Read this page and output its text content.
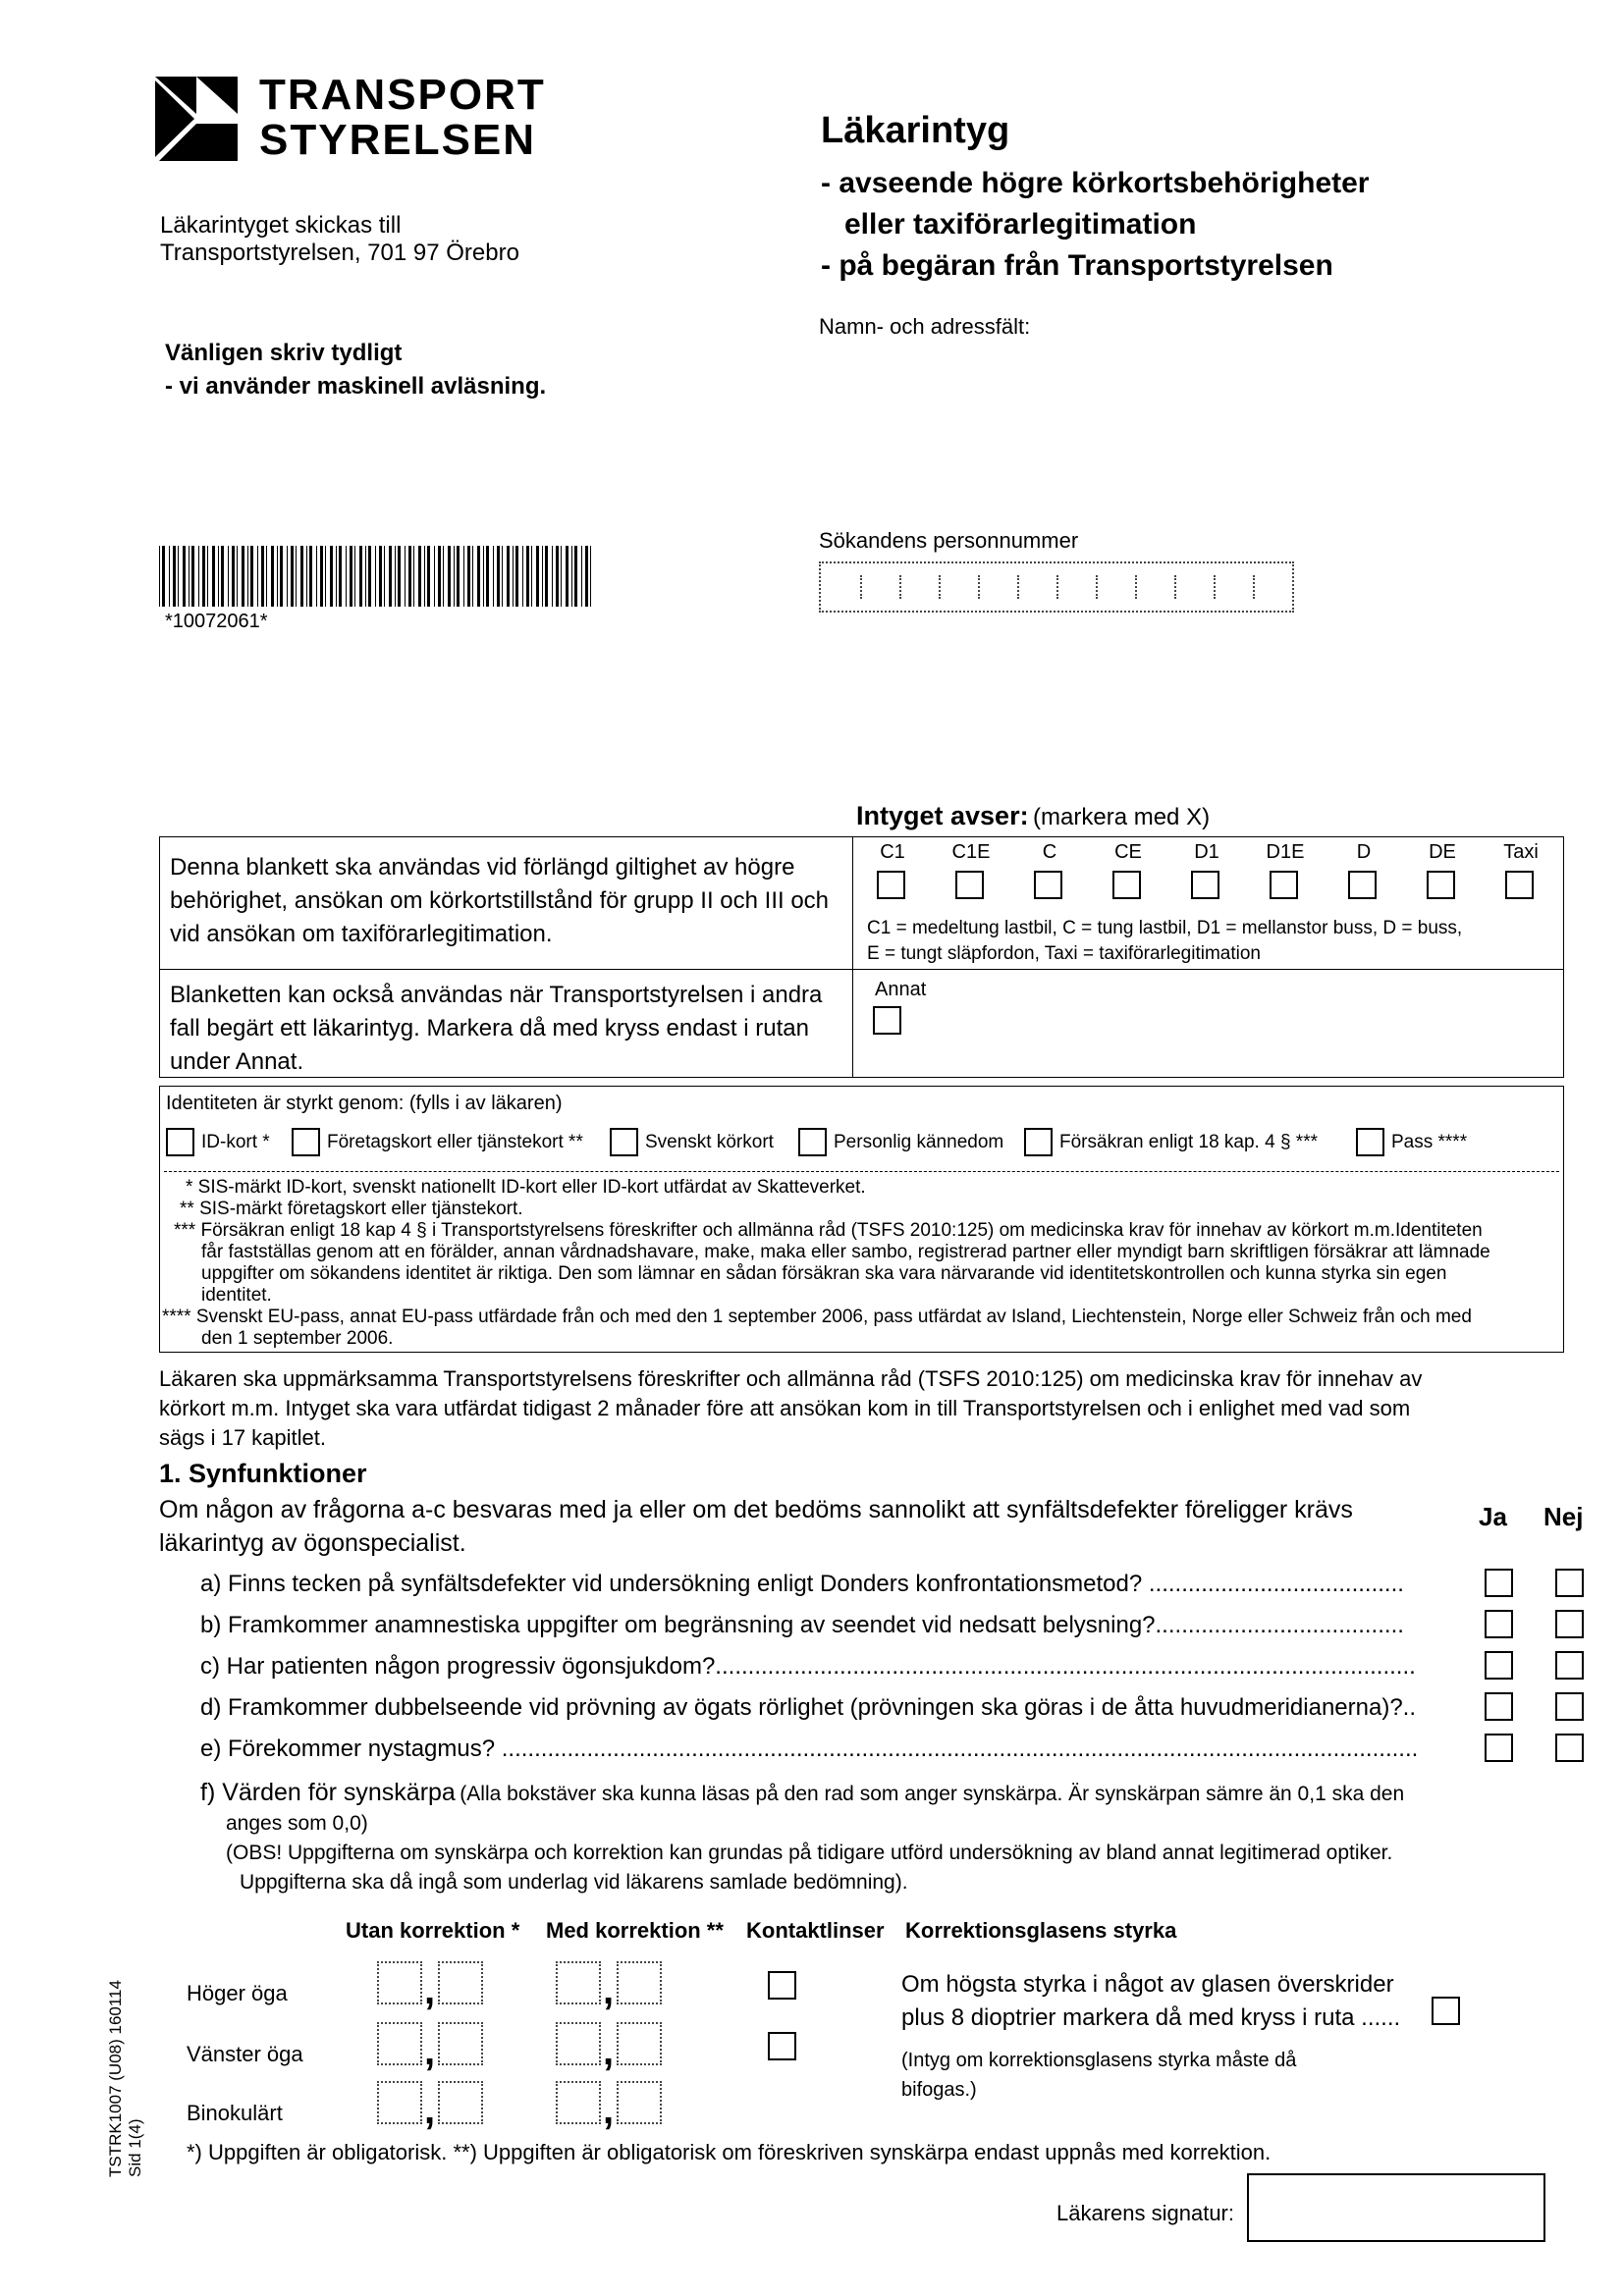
TRANSPORT
STYRELSEN
Läkarintyget skickas till
Transportstyrelsen, 701 97 Örebro
Vänligen skriv tydligt
- vi använder maskinell avläsning.
Läkarintyg
- avseende högre körkortsbehörigheter
eller taxiförarlegitimation
- på begäran från Transportstyrelsen
Namn- och adressfält:
*10072061*
Sökandens personnummer
Intyget avser: (markera med X)
Denna blankett ska användas vid förlängd giltighet av högre behörighet, ansökan om körkortstillstånd för grupp II och III och vid ansökan om taxiförarlegitimation.
Blanketten kan också användas när Transportstyrelsen i andra fall begärt ett läkarintyg. Markera då med kryss endast i rutan under Annat.
C1	C1E	C	CE	D1	D1E	D	DE	Taxi
C1 = medeltung lastbil, C = tung lastbil, D1 = mellanstor buss, D = buss,
E = tungt släpfordon, Taxi = taxiförarlegitimation
Annat
Identiteten är styrkt genom: (fylls i av läkaren)
ID-kort *	Företagskort eller tjänstekort **	Svenskt körkort	Personlig kännedom	Försäkran enligt 18 kap. 4 § ***	Pass ****
* SIS-märkt ID-kort, svenskt nationellt ID-kort eller ID-kort utfärdat av Skatteverket.
** SIS-märkt företagskort eller tjänstekort.
*** Försäkran enligt 18 kap 4 § i Transportstyrelsens föreskrifter och allmänna råd (TSFS 2010:125) om medicinska krav för innehav av körkort m.m.Identiteten
får fastställas genom att en förälder, annan vårdnadshavare, make, maka eller sambo, registrerad partner eller myndigt barn skriftligen försäkrar att lämnade
uppgifter om sökandens identitet är riktiga. Den som lämnar en sådan försäkran ska vara närvarande vid identitetskontrollen och kunna styrka sin egen
identitet.
**** Svenskt EU-pass, annat EU-pass utfärdade från och med den 1 september 2006, pass utfärdat av Island, Liechtenstein, Norge eller Schweiz från och med
den 1 september 2006.
Läkaren ska uppmärksamma Transportstyrelsens föreskrifter och allmänna råd (TSFS 2010:125) om medicinska krav för innehav av
körkort m.m. Intyget ska vara utfärdat tidigast 2 månader före att ansökan kom in till Transportstyrelsen och i enlighet med vad som
sägs i 17 kapitlet.
1. Synfunktioner
Om någon av frågorna a-c besvaras med ja eller om det bedöms sannolikt att synfältsdefekter föreligger krävs
läkarintyg av ögonspecialist.
Ja Nej
a) Finns tecken på synfältsdefekter vid undersökning enligt Donders konfrontationsmetod? .......................................
b) Framkommer anamnestiska uppgifter om begränsning av seendet vid nedsatt belysning?......................................
c) Har patienten någon progressiv ögonsjukdom?...........................................................................................................
d) Framkommer dubbelseende vid prövning av ögats rörlighet (prövningen ska göras i de åtta huvudmeridianerna)?..
e) Förekommer nystagmus? ............................................................................................................................................
f) Värden för synskärpa (Alla bokstäver ska kunna läsas på den rad som anger synskärpa. Är synskärpan sämre än 0,1 ska den
anges som 0,0)
(OBS! Uppgifterna om synskärpa och korrektion kan grundas på tidigare utförd undersökning av bland annat legitimerad optiker.
Uppgifterna ska då ingå som underlag vid läkarens samlade bedömning).
Utan korrektion * Med korrektion ** Kontaktlinser Korrektionsglasens styrka
Höger öga	,	,
Vänster öga	,	,
Binokulärt	,	,
Om högsta styrka i något av glasen överskrider
plus 8 dioptrier markera då med kryss i ruta ......
(Intyg om korrektionsglasens styrka måste då
bifogas.)
*) Uppgiften är obligatorisk. **) Uppgiften är obligatorisk om föreskriven synskärpa endast uppnås med korrektion.
Läkarens signatur:
TSTRK1007 (U08) 160114 Sid 1(4)
